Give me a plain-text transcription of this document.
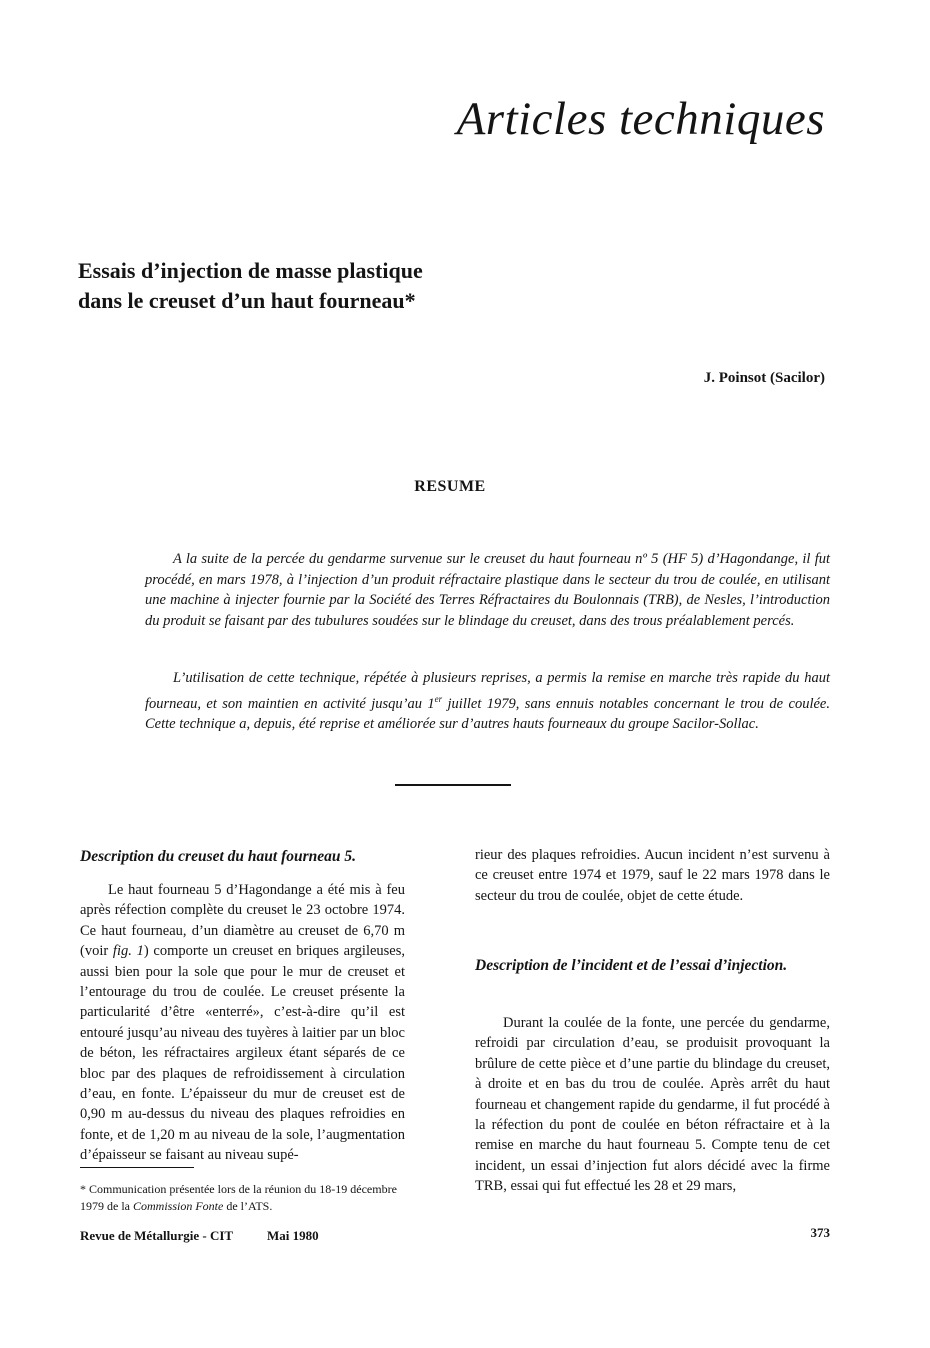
Articles techniques
Essais d’injection de masse plastique
dans le creuset d’un haut fourneau*
J. Poinsot (Sacilor)
RESUME

A la suite de la percée du gendarme survenue sur le creuset du haut fourneau nº 5 (HF 5) d’Hagondange, il fut procédé, en mars 1978, à l’injection d’un produit réfractaire plastique dans le secteur du trou de coulée, en utilisant une machine à injecter fournie par la Société des Terres Réfractaires du Boulonnais (TRB), de Nesles, l’introduction du produit se faisant par des tubulures soudées sur le blindage du creuset, dans des trous préalablement percés.

L’utilisation de cette technique, répétée à plusieurs reprises, a permis la remise en marche très rapide du haut fourneau, et son maintien en activité jusqu’au 1er juillet 1979, sans ennuis notables concernant le trou de coulée. Cette technique a, depuis, été reprise et améliorée sur d’autres hauts fourneaux du groupe Sacilor-Sollac.

Description du creuset du haut fourneau 5.

Le haut fourneau 5 d’Hagondange a été mis à feu après réfection complète du creuset le 23 octobre 1974. Ce haut fourneau, d’un diamètre au creuset de 6,70 m (voir fig. 1) comporte un creuset en briques argileuses, aussi bien pour la sole que pour le mur de creuset et l’entourage du trou de coulée. Le creuset présente la particularité d’être «enterré», c’est-à-dire qu’il est entouré jusqu’au niveau des tuyères à laitier par un bloc de béton, les réfractaires argileux étant séparés de ce bloc par des plaques de refroidissement à circulation d’eau, en fonte. L’épaisseur du mur de creuset est de 0,90 m au-dessus du niveau des plaques refroidies en fonte, et de 1,20 m au niveau de la sole, l’augmentation d’épaisseur se faisant au niveau supé-

* Communication présentée lors de la réunion du 18-19 décembre 1979 de la Commission Fonte de l’ATS.

rieur des plaques refroidies. Aucun incident n’est survenu à ce creuset entre 1974 et 1979, sauf le 22 mars 1978 dans le secteur du trou de coulée, objet de cette étude.

Description de l’incident et de l’essai d’injection.

Durant la coulée de la fonte, une percée du gendarme, refroidi par circulation d’eau, se produisit provoquant la brûlure de cette pièce et d’une partie du blindage du creuset, à droite et en bas du trou de coulée. Après arrêt du haut fourneau et changement rapide du gendarme, il fut procédé à la réfection du pont de coulée en béton réfractaire et à la remise en marche du haut fourneau 5. Compte tenu de cet incident, un essai d’injection fut alors décidé avec la firme TRB, essai qui fut effectué les 28 et 29 mars,

Revue de Métallurgie - CIT	Mai 1980	373
